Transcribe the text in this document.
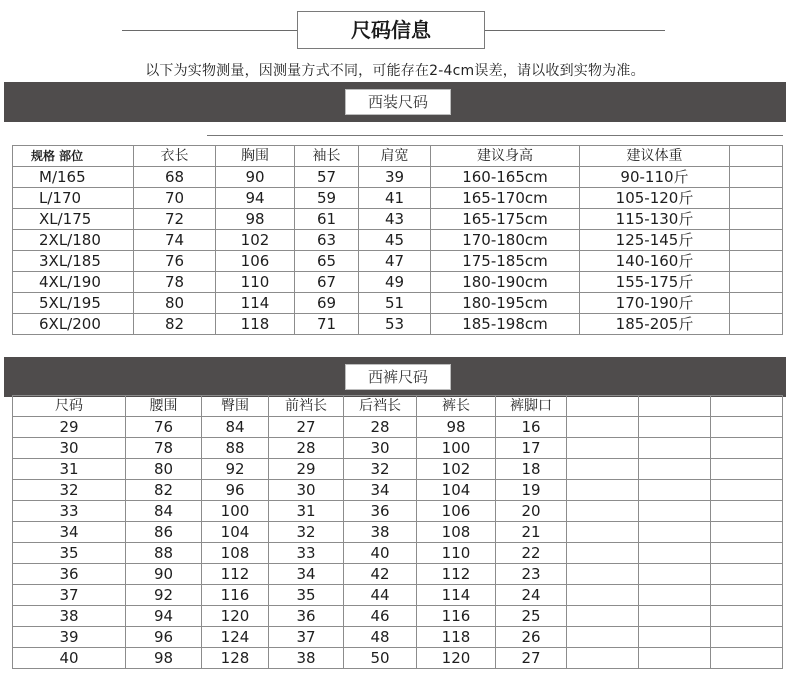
尺码信息
以下为实物测量，因测量方式不同，可能存在2-4cm误差，请以收到实物为准。
西装尺码
规格 部位	衣长	胸围	袖长	肩宽	建议身高	建议体重	
M/165	68	90	57	39	160-165cm	90-110斤	
L/170	70	94	59	41	165-170cm	105-120斤	
XL/175	72	98	61	43	165-175cm	115-130斤	
2XL/180	74	102	63	45	170-180cm	125-145斤	
3XL/185	76	106	65	47	175-185cm	140-160斤	
4XL/190	78	110	67	49	180-190cm	155-175斤	
5XL/195	80	114	69	51	180-195cm	170-190斤	
6XL/200	82	118	71	53	185-198cm	185-205斤	
西裤尺码
尺码	腰围	臀围	前裆长	后裆长	裤长	裤脚口			
29	76	84	27	28	98	16			
30	78	88	28	30	100	17			
31	80	92	29	32	102	18			
32	82	96	30	34	104	19			
33	84	100	31	36	106	20			
34	86	104	32	38	108	21			
35	88	108	33	40	110	22			
36	90	112	34	42	112	23			
37	92	116	35	44	114	24			
38	94	120	36	46	116	25			
39	96	124	37	48	118	26			
40	98	128	38	50	120	27			
